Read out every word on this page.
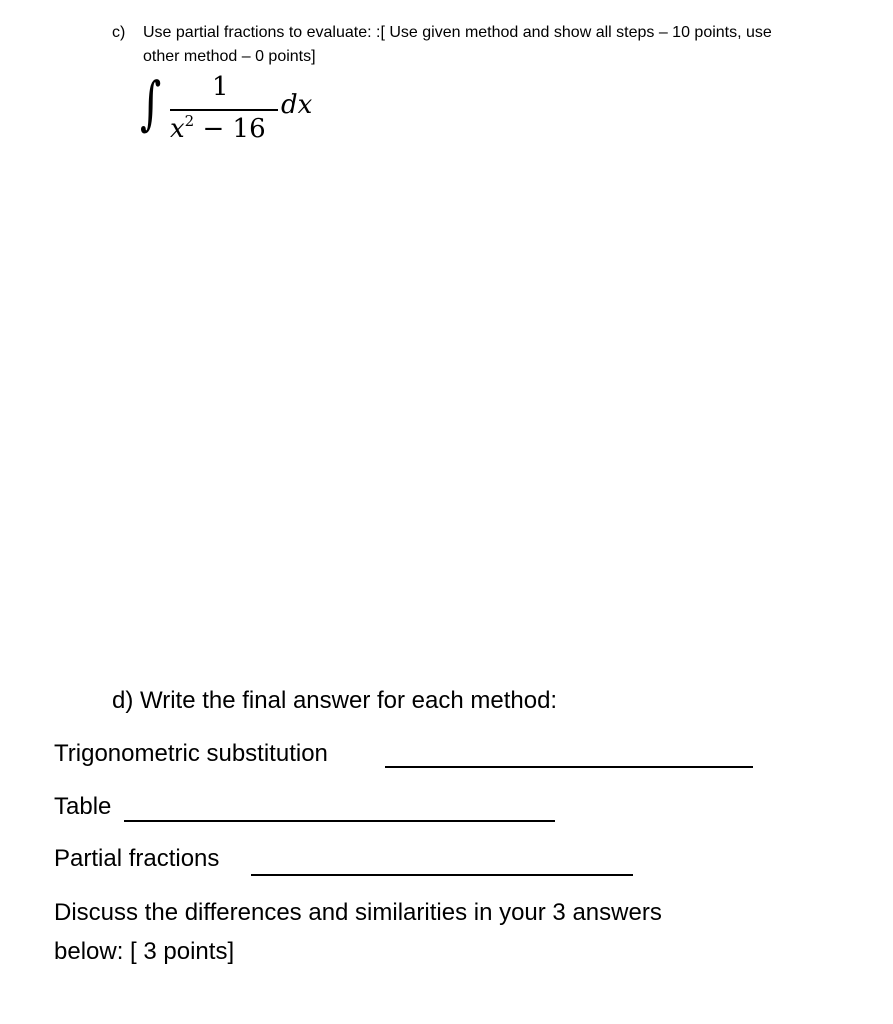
c) Use partial fractions to evaluate: :[ Use given method and show all steps – 10 points, use
other method – 0 points]
∫ 1
$x^2 - 16$
dx
d) Write the final answer for each method:
Trigonometric substitution
Table
Partial fractions
Discuss the differences and similarities in your 3 answers
below: [ 3 points]
